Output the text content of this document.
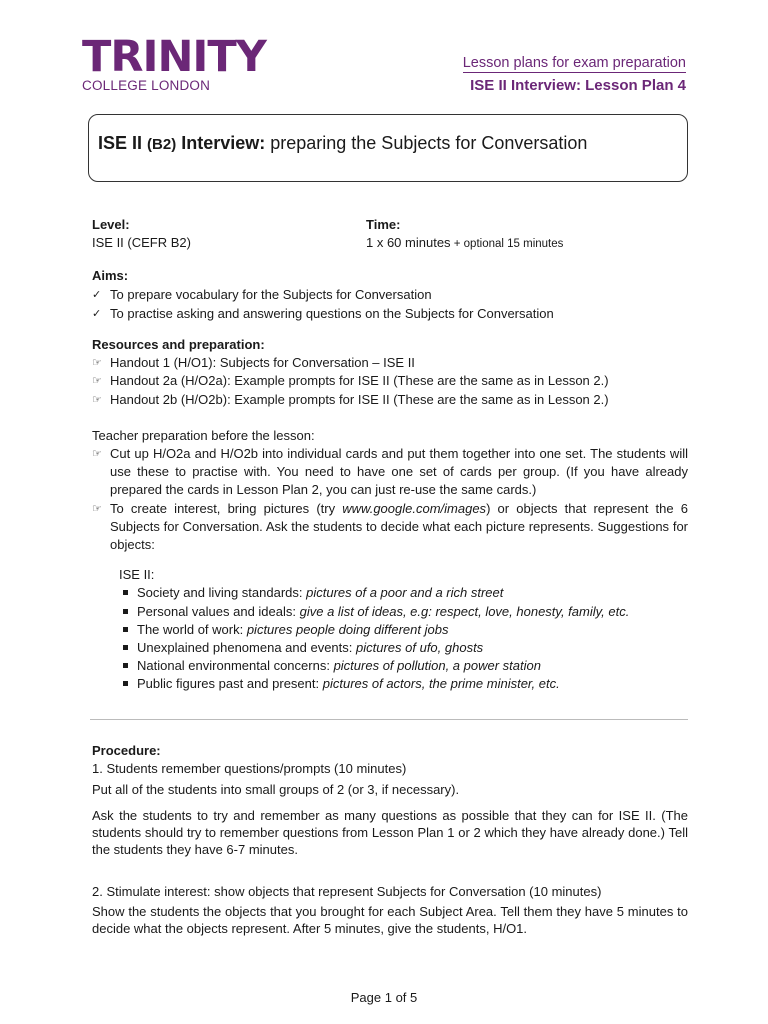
TRINITY
COLLEGE LONDON
Lesson plans for exam preparation
ISE II Interview: Lesson Plan 4
ISE II (B2) Interview: preparing the Subjects for Conversation
Level:
ISE II (CEFR B2)
Time:
1 x 60 minutes + optional 15 minutes
Aims:
✓ To prepare vocabulary for the Subjects for Conversation
✓ To practise asking and answering questions on the Subjects for Conversation
Resources and preparation:
☞ Handout 1 (H/O1): Subjects for Conversation – ISE II
☞ Handout 2a (H/O2a): Example prompts for ISE II (These are the same as in Lesson 2.)
☞ Handout 2b (H/O2b): Example prompts for ISE II (These are the same as in Lesson 2.)
Teacher preparation before the lesson:
☞ Cut up H/O2a and H/O2b into individual cards and put them together into one set. The students will use these to practise with. You need to have one set of cards per group. (If you have already prepared the cards in Lesson Plan 2, you can just re-use the same cards.)
☞ To create interest, bring pictures (try www.google.com/images) or objects that represent the 6 Subjects for Conversation. Ask the students to decide what each picture represents. Suggestions for objects:
ISE II:
Society and living standards: pictures of a poor and a rich street
Personal values and ideals: give a list of ideas, e.g: respect, love, honesty, family, etc.
The world of work: pictures people doing different jobs
Unexplained phenomena and events: pictures of ufo, ghosts
National environmental concerns: pictures of pollution, a power station
Public figures past and present: pictures of actors, the prime minister, etc.
Procedure:
1. Students remember questions/prompts (10 minutes)
Put all of the students into small groups of 2 (or 3, if necessary).
Ask the students to try and remember as many questions as possible that they can for ISE II. (The students should try to remember questions from Lesson Plan 1 or 2 which they have already done.) Tell the students they have 6-7 minutes.
2. Stimulate interest: show objects that represent Subjects for Conversation (10 minutes)
Show the students the objects that you brought for each Subject Area. Tell them they have 5 minutes to decide what the objects represent. After 5 minutes, give the students, H/O1.
Page 1 of 5
